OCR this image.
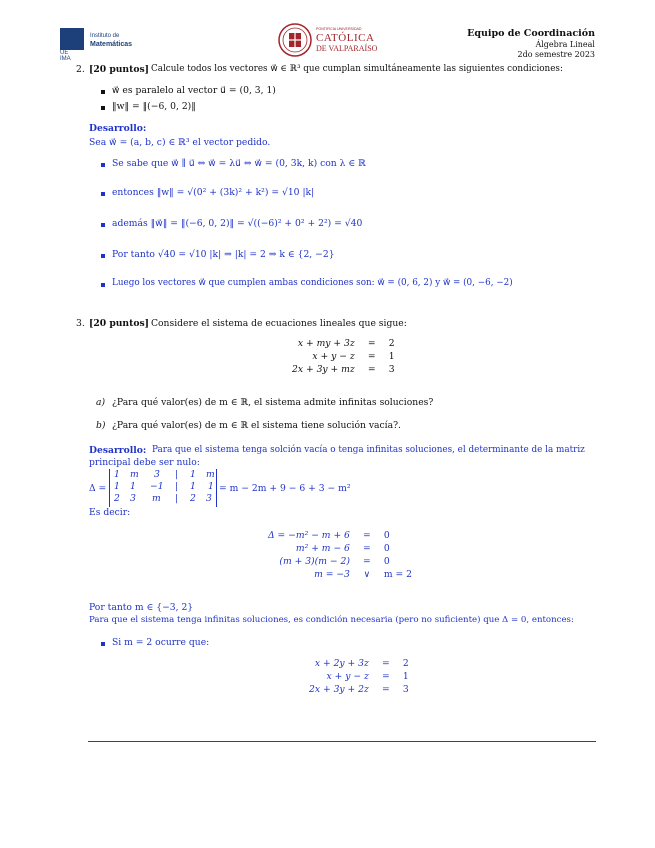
UE
IMA
Instituto de
Matemáticas
PONTIFICIA UNIVERSIDAD
CATÓLICA
DE VALPARAÍSO
Equipo de Coordinación
Álgebra Lineal
2do semestre 2023
2. [20 puntos] Calcule todos los vectores w⃗ ∈ ℝ³ que cumplan simultáneamente las siguientes condiciones:
w⃗ es paralelo al vector u⃗ = (0, 3, 1)
‖w‖ = ‖(−6, 0, 2)‖
Desarrollo:
Sea w⃗ = (a, b, c) ∈ ℝ³ el vector pedido.
Se sabe que w⃗ ∥ u⃗ ⇔ w⃗ = λu⃗ ⇔ w⃗ = (0, 3k, k) con λ ∈ ℝ
entonces ‖w‖ = √(0² + (3k)² + k²) = √10 |k|
además ‖w⃗‖ = ‖(−6, 0, 2)‖ = √((−6)² + 0² + 2²) = √40
Por tanto √40 = √10 |k| ⇒ |k| = 2 ⇒ k ∈ {2, −2}
Luego los vectores w⃗ que cumplen ambas condiciones son: w⃗ = (0, 6, 2) y w⃗ = (0, −6, −2)
3. [20 puntos] Considere el sistema de ecuaciones lineales que sigue:
x + my + 3z	=	2
x + y − z	=	1
2x + 3y + mz	=	3
a) ¿Para qué valor(es) de m ∈ ℝ, el sistema admite infinitas soluciones?
b) ¿Para qué valor(es) de m ∈ ℝ el sistema tiene solución vacía?.
Desarrollo: Para que el sistema tenga solción vacía o tenga infinitas soluciones, el determinante de la matriz
principal debe ser nulo:
Δ =
1 m 3 | 1 m
1 1 −1 | 1 1
2 3 m | 2 3
= m − 2m + 9 − 6 + 3 − m²
Es decir:
Δ = −m² − m + 6	=	0
m² + m − 6	=	0
(m + 3)(m − 2)	=	0
m = −3	∨	m = 2
Por tanto m ∈ {−3, 2}
Para que el sistema tenga infinitas soluciones, es condición necesaria (pero no suficiente) que Δ = 0, entonces:
Si m = 2 ocurre que:
x + 2y + 3z	=	2
x + y − z	=	1
2x + 3y + 2z	=	3
